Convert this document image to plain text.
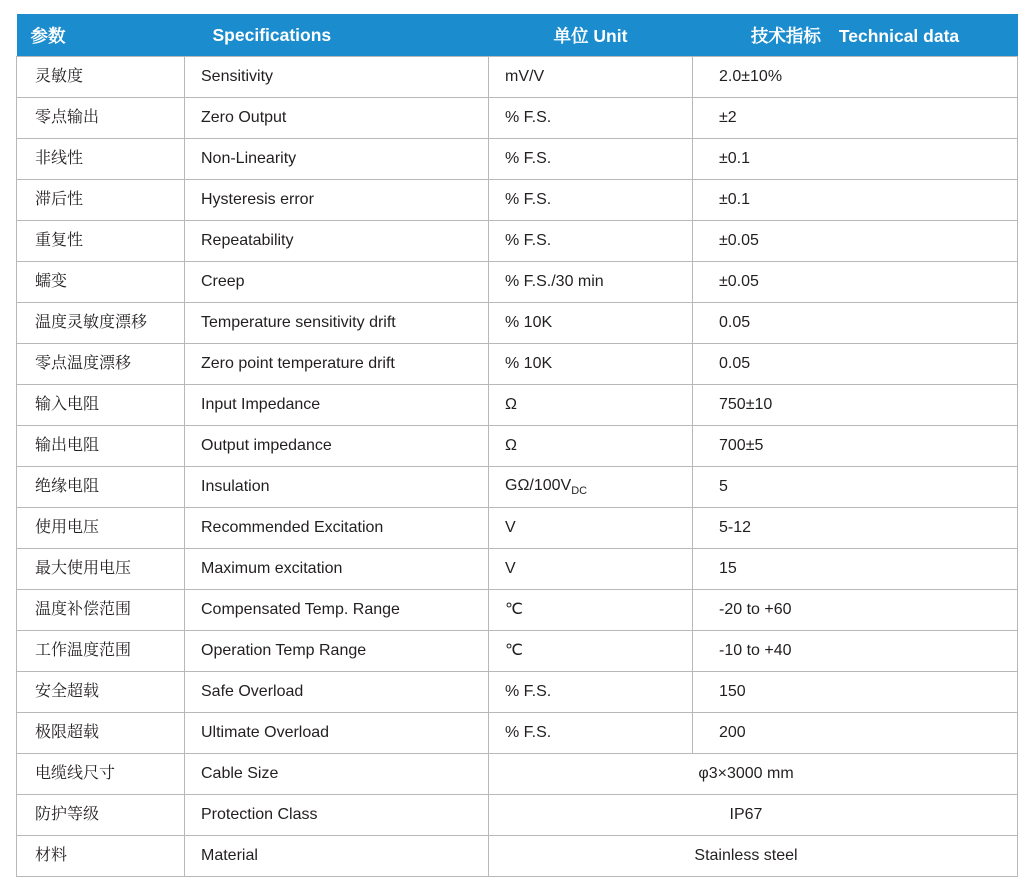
参数	Specifications	单位 Unit	技术指标 Technical data
灵敏度	Sensitivity	mV/V	2.0±10%
零点输出	Zero Output	% F.S.	±2
非线性	Non-Linearity	% F.S.	±0.1
滞后性	Hysteresis error	% F.S.	±0.1
重复性	Repeatability	% F.S.	±0.05
蠕变	Creep	% F.S./30 min	±0.05
温度灵敏度漂移	Temperature sensitivity drift	% 10K	0.05
零点温度漂移	Zero point temperature drift	% 10K	0.05
输入电阻	Input Impedance	Ω	750±10
输出电阻	Output impedance	Ω	700±5
绝缘电阻	Insulation	$G\Omega/100V_{DC}$	5
使用电压	Recommended Excitation	V	5-12
最大使用电压	Maximum excitation	V	15
温度补偿范围	Compensated Temp. Range	℃	-20 to +60
工作温度范围	Operation Temp Range	℃	-10 to +40
安全超载	Safe Overload	% F.S.	150
极限超载	Ultimate Overload	% F.S.	200
电缆线尺寸	Cable Size	φ3×3000 mm	
防护等级	Protection Class	IP67	
材料	Material	Stainless steel	
